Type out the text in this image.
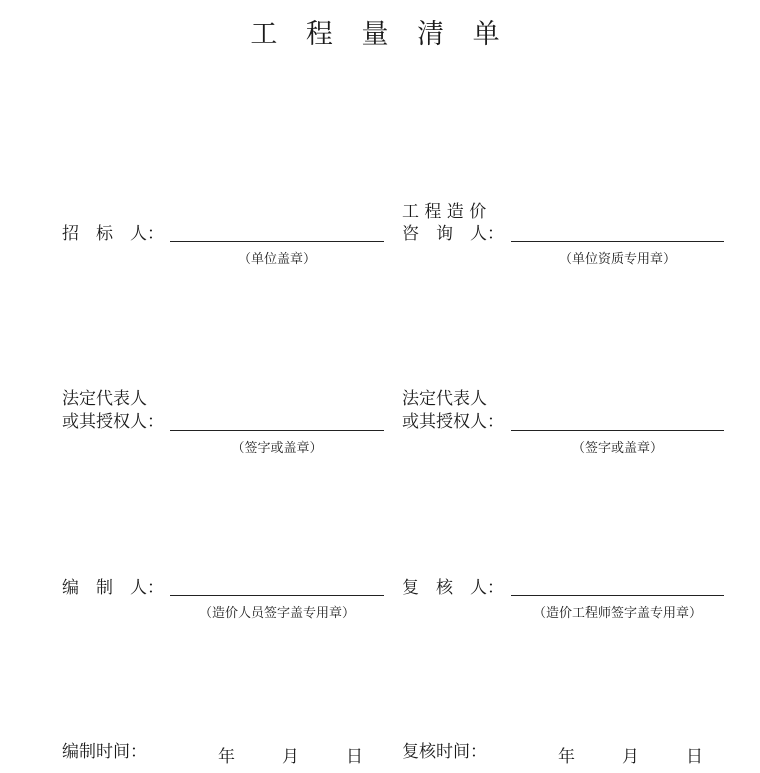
工 程 量 清 单
招　标　人：
（单位盖章）
工 程 造 价
咨　询　人：
（单位资质专用章）
法定代表人
或其授权人：
（签字或盖章）
法定代表人
或其授权人：
（签字或盖章）
编　制　人：
（造价人员签字盖专用章）
复　核　人：
（造价工程师签字盖专用章）
编制时间：	年	月	日 复核时间：	年	月	日
